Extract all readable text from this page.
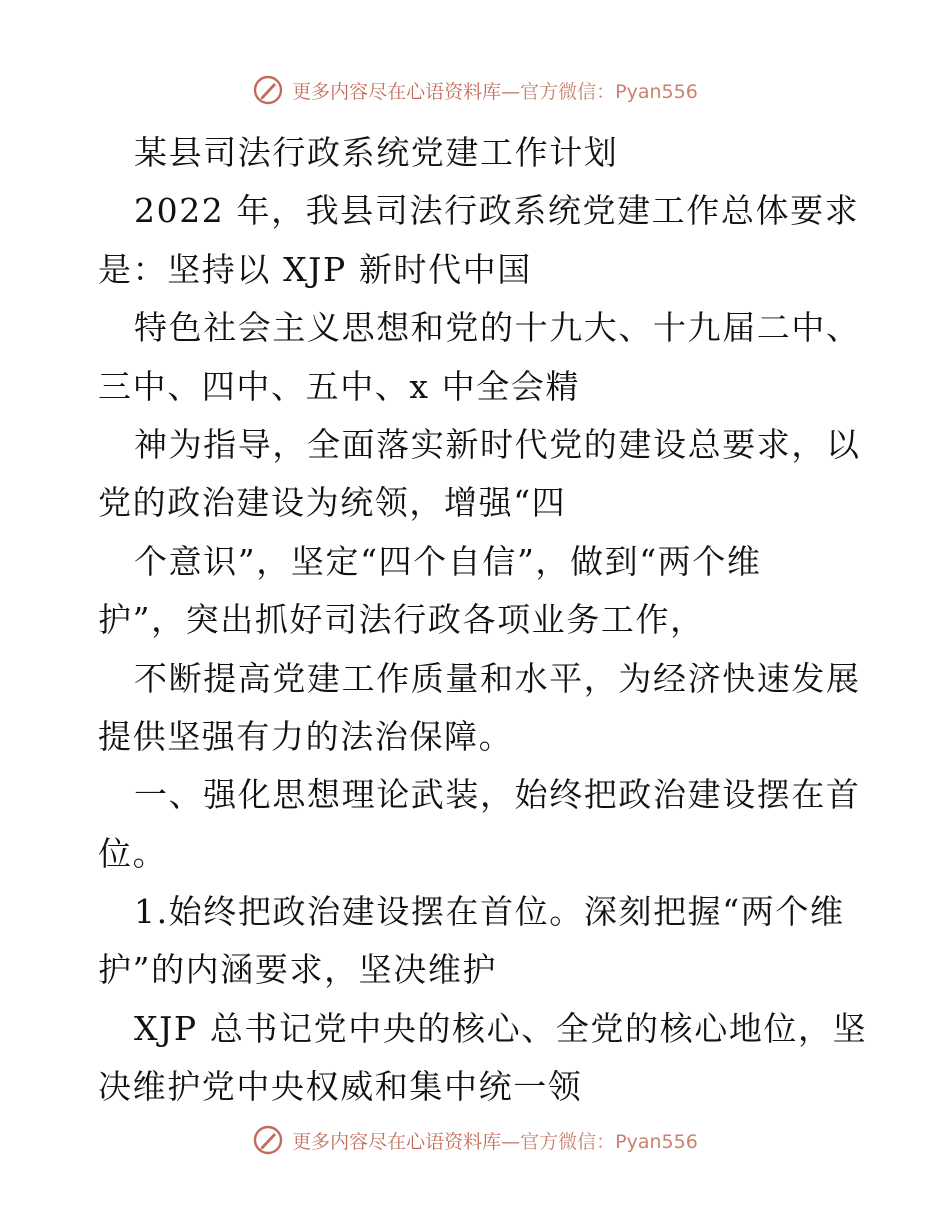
更多内容尽在心语资料库—官方微信：Pyan556
某县司法行政系统党建工作计划
2022 年，我县司法行政系统党建工作总体要求
是：坚持以 XJP 新时代中国
特色社会主义思想和党的十九大、十九届二中、
三中、四中、五中、x 中全会精
神为指导，全面落实新时代党的建设总要求，以
党的政治建设为统领，增强“四
个意识”，坚定“四个自信”，做到“两个维
护”，突出抓好司法行政各项业务工作，
不断提高党建工作质量和水平，为经济快速发展
提供坚强有力的法治保障。
一、强化思想理论武装，始终把政治建设摆在首
位。
1.始终把政治建设摆在首位。深刻把握“两个维
护”的内涵要求，坚决维护
XJP 总书记党中央的核心、全党的核心地位，坚
决维护党中央权威和集中统一领
更多内容尽在心语资料库—官方微信：Pyan556
